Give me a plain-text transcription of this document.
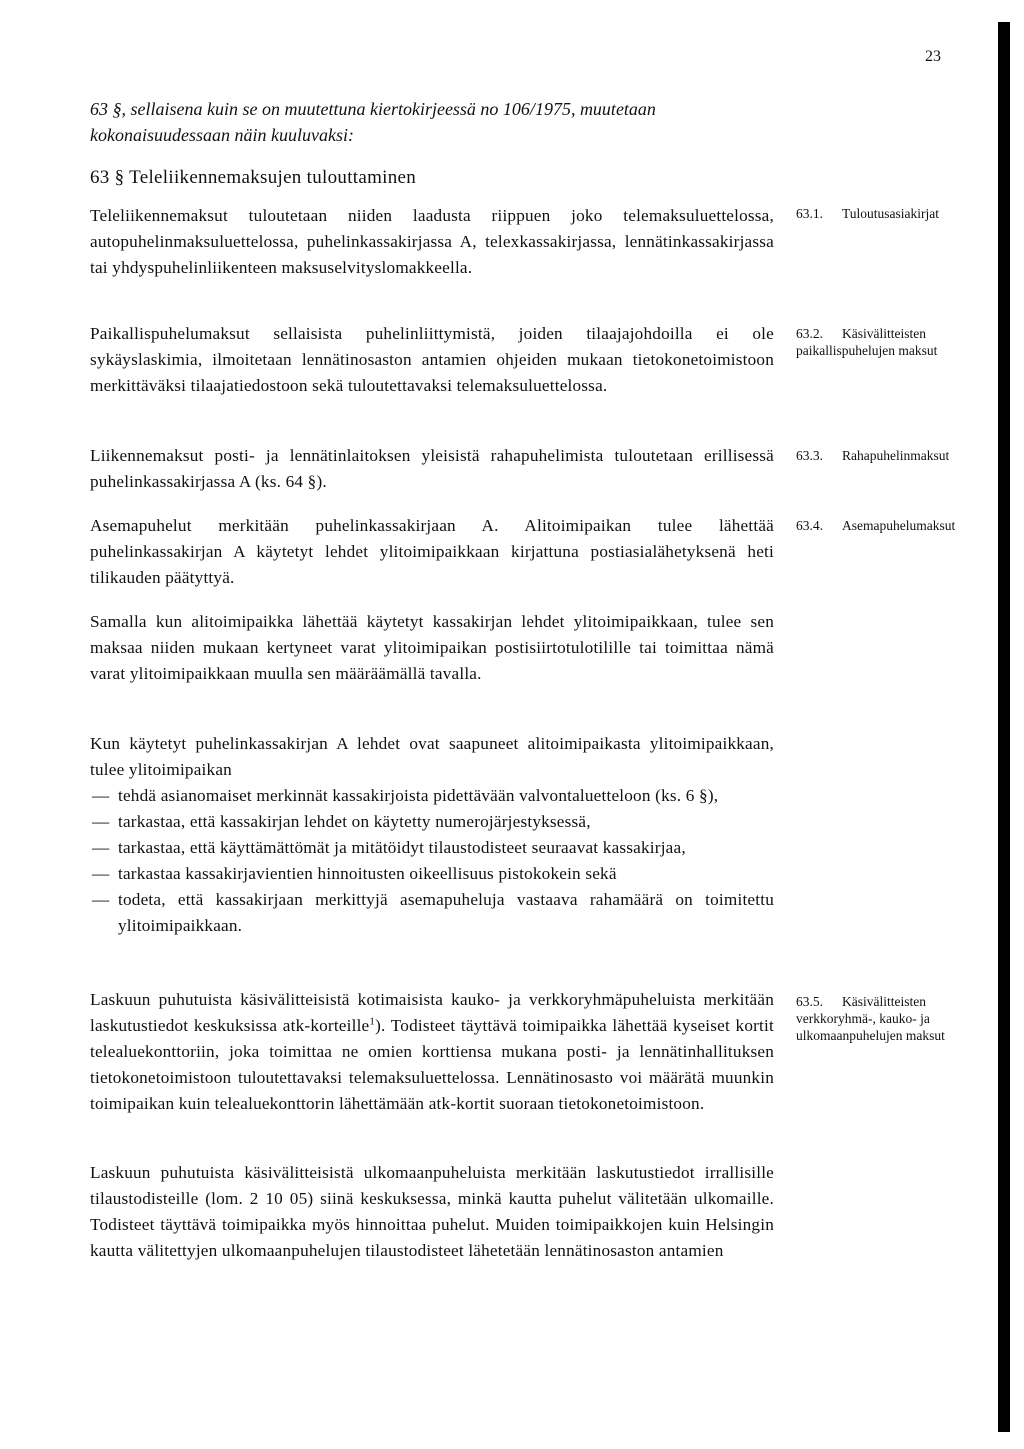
23

63 §, sellaisena kuin se on muutettuna kiertokirjeessä no 106/1975, muutetaan kokonaisuudessaan näin kuuluvaksi:

63 § Teleliikennemaksujen tulouttaminen

Teleliikennemaksut tuloutetaan niiden laadusta riippuen joko telemaksuluettelossa, autopuhelinmaksuluettelossa, puhelinkassakirjassa A, telexkassakirjassa, lennätinkassakirjassa tai yhdyspuhelinliikenteen maksuselvityslomakkeella.

Paikallispuhelumaksut sellaisista puhelinliittymistä, joiden tilaajajohdoilla ei ole sykäyslaskimia, ilmoitetaan lennätinosaston antamien ohjeiden mukaan tietokonetoimistoon merkittäväksi tilaajatiedostoon sekä tuloutettavaksi telemaksuluettelossa.

Liikennemaksut posti- ja lennätinlaitoksen yleisistä rahapuhelimista tuloutetaan erillisessä puhelinkassakirjassa A (ks. 64 §).

Asemapuhelut merkitään puhelinkassakirjaan A. Alitoimipaikan tulee lähettää puhelinkassakirjan A käytetyt lehdet ylitoimipaikkaan kirjattuna postiasialähetyksenä heti tilikauden päätyttyä.

Samalla kun alitoimipaikka lähettää käytetyt kassakirjan lehdet ylitoimipaikkaan, tulee sen maksaa niiden mukaan kertyneet varat ylitoimipaikan postisiirtotulotilille tai toimittaa nämä varat ylitoimipaikkaan muulla sen määräämällä tavalla.

Kun käytetyt puhelinkassakirjan A lehdet ovat saapuneet alitoimipaikasta ylitoimipaikkaan, tulee ylitoimipaikan
— tehdä asianomaiset merkinnät kassakirjoista pidettävään valvontaluetteloon (ks. 6 §),
— tarkastaa, että kassakirjan lehdet on käytetty numerojärjestyksessä,
— tarkastaa, että käyttämättömät ja mitätöidyt tilaustodisteet seuraavat kassakirjaa,
— tarkastaa kassakirjavientien hinnoitusten oikeellisuus pistokokein sekä
— todeta, että kassakirjaan merkittyjä asemapuheluja vastaava rahamäärä on toimitettu ylitoimipaikkaan.

Laskuun puhutuista käsivälitteisistä kotimaisista kauko- ja verkkoryhmäpuheluista merkitään laskutustiedot keskuksissa atk-korteille$^1$). Todisteet täyttävä toimipaikka lähettää kyseiset kortit telealuekonttoriin, joka toimittaa ne omien korttiensa mukana posti- ja lennätinhallituksen tietokonetoimistoon tuloutettavaksi telemaksuluettelossa. Lennätinosasto voi määrätä muunkin toimipaikan kuin telealuekonttorin lähettämään atk-kortit suoraan tietokonetoimistoon.

Laskuun puhutuista käsivälitteisistä ulkomaanpuheluista merkitään laskutustiedot irrallisille tilaustodisteille (lom. 2 10 05) siinä keskuksessa, minkä kautta puhelut välitetään ulkomaille. Todisteet täyttävä toimipaikka myös hinnoittaa puhelut. Muiden toimipaikkojen kuin Helsingin kautta välitettyjen ulkomaanpuhelujen tilaustodisteet lähetetään lennätinosaston antamien

63.1. Tuloutusasiakirjat
63.2. Käsivälitteisten paikallispuhelujen maksut
63.3. Rahapuhelinmaksut
63.4. Asemapuhelumaksut
63.5. Käsivälitteisten verkkoryhmä-, kauko- ja ulkomaanpuhelujen maksut
